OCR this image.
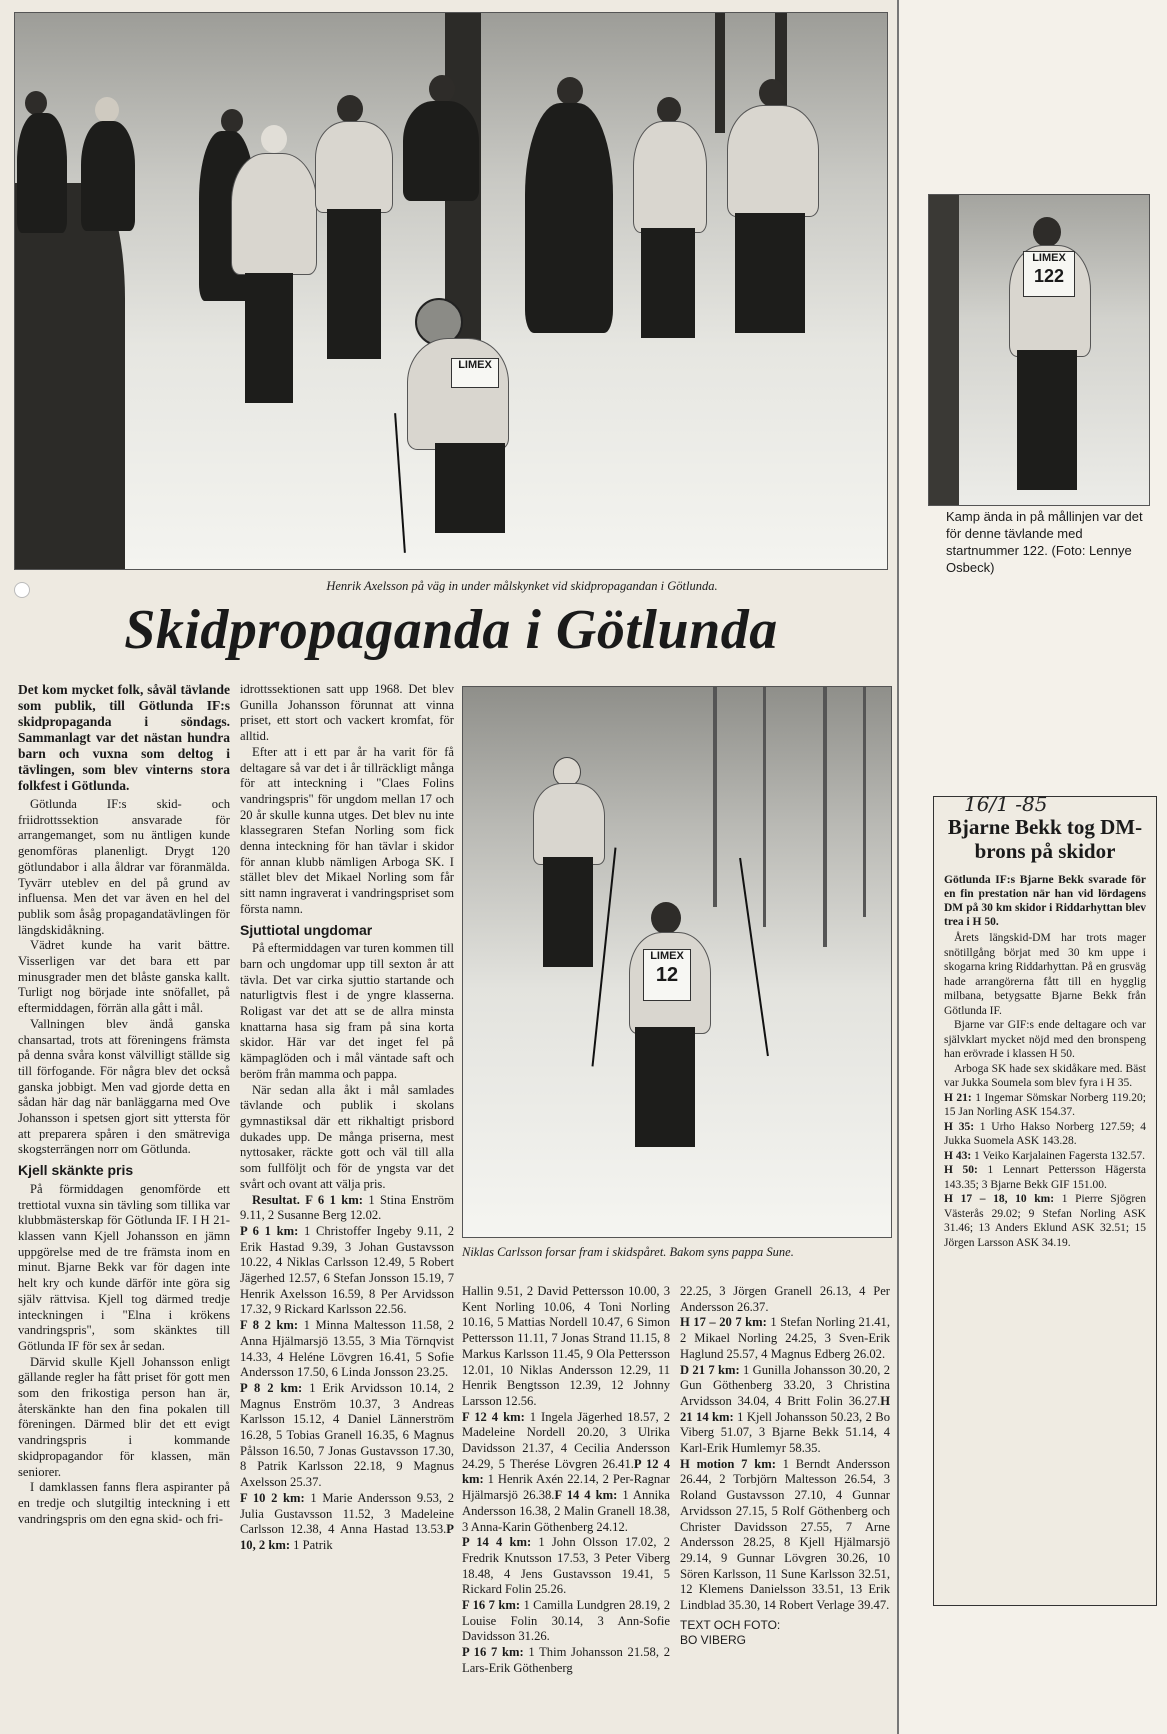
LIMEX
Henrik Axelsson på väg in under målskynket vid skidpropagandan i Götlunda.
Skidpropaganda i Götlunda
Det kom mycket folk, såväl tävlande som publik, till Götlunda IF:s skidpropaganda i söndags. Sammanlagt var det nästan hundra barn och vuxna som deltog i tävlingen, som blev vinterns stora folkfest i Götlunda.

Götlunda IF:s skid- och friidrottssektion ansvarade för arrangemanget, som nu äntligen kunde genomföras planenligt. Drygt 120 götlundabor i alla åldrar var föranmälda. Tyvärr uteblev en del på grund av influensa. Men det var även en hel del publik som åsåg propagandatävlingen för längdskidåkning.

Vädret kunde ha varit bättre. Visserligen var det bara ett par minusgrader men det blåste ganska kallt. Turligt nog började inte snöfallet, på eftermiddagen, förrän alla gått i mål.

Vallningen blev ändå ganska chansartad, trots att föreningens främsta på denna svåra konst välvilligt ställde sig till förfogande. För några blev det också ganska jobbigt. Men vad gjorde detta en sådan här dag när banläggarna med Ove Johansson i spetsen gjort sitt yttersta för att preparera spåren i den smätreviga skogsterrängen norr om Götlunda.

Kjell skänkte pris

På förmiddagen genomförde ett trettiotal vuxna sin tävling som tillika var klubbmästerskap för Götlunda IF. I H 21-klassen vann Kjell Johansson en jämn uppgörelse med de tre främsta inom en minut. Bjarne Bekk var för dagen inte helt kry och kunde därför inte göra sig själv rättvisa. Kjell tog därmed tredje inteckningen i "Elna i krökens vandringspris", som skänktes till Götlunda IF för sex år sedan.

Därvid skulle Kjell Johansson enligt gällande regler ha fått priset för gott men som den frikostiga person han är, återskänkte han den fina pokalen till föreningen. Därmed blir det ett evigt vandringspris i kommande skidpropagandor för klassen, män seniorer.

I damklassen fanns flera aspiranter på en tredje och slutgiltig inteckning i ett vandringspris om den egna skid- och fri-

idrottssektionen satt upp 1968. Det blev Gunilla Johansson förunnat att vinna priset, ett stort och vackert kromfat, för alltid.

Efter att i ett par år ha varit för få deltagare så var det i år tillräckligt många för att inteckning i "Claes Folins vandringspris" för ungdom mellan 17 och 20 år skulle kunna utges. Det blev nu inte klassegraren Stefan Norling som fick denna inteckning för han tävlar i skidor för annan klubb nämligen Arboga SK. I stället blev det Mikael Norling som får sitt namn ingraverat i vandringspriset som första namn.

Sjuttiotal ungdomar

På eftermiddagen var turen kommen till barn och ungdomar upp till sexton år att tävla. Det var cirka sjuttio startande och naturligtvis flest i de yngre klasserna. Roligast var det att se de allra minsta knattarna hasa sig fram på sina korta skidor. Här var det inget fel på kämpaglöden och i mål väntade saft och beröm från mamma och pappa.

När sedan alla åkt i mål samlades tävlande och publik i skolans gymnastiksal där ett rikhaltigt prisbord dukades upp. De många priserna, mest nyttosaker, räckte gott och väl till alla som fullföljt och för de yngsta var det svårt och ovant att välja pris.

Resultat. F 6 1 km: 1 Stina Enström 9.11, 2 Susanne Berg 12.02.

P 6 1 km: 1 Christoffer Ingeby 9.11, 2 Erik Hastad 9.39, 3 Johan Gustavsson 10.22, 4 Niklas Carlsson 12.49, 5 Robert Jägerhed 12.57, 6 Stefan Jonsson 15.19, 7 Henrik Axelsson 16.59, 8 Per Arvidsson 17.32, 9 Rickard Karlsson 22.56.

F 8 2 km: 1 Minna Maltesson 11.58, 2 Anna Hjälmarsjö 13.55, 3 Mia Törnqvist 14.33, 4 Heléne Lövgren 16.41, 5 Sofie Andersson 17.50, 6 Linda Jonsson 23.25.

P 8 2 km: 1 Erik Arvidsson 10.14, 2 Magnus Enström 10.37, 3 Andreas Karlsson 15.12, 4 Daniel Lännerström 16.28, 5 Tobias Granell 16.35, 6 Magnus Pålsson 16.50, 7 Jonas Gustavsson 17.30, 8 Patrik Karlsson 22.18, 9 Magnus Axelsson 25.37.

F 10 2 km: 1 Marie Andersson 9.53, 2 Julia Gustavsson 11.52, 3 Madeleine Carlsson 12.38, 4 Anna Hastad 13.53.P 10, 2 km: 1 Patrik

LIMEX
12
Niklas Carlsson forsar fram i skidspåret. Bakom syns pappa Sune.

Hallin 9.51, 2 David Pettersson 10.00, 3 Kent Norling 10.06, 4 Toni Norling 10.16, 5 Mattias Nordell 10.47, 6 Simon Pettersson 11.11, 7 Jonas Strand 11.15, 8 Markus Karlsson 11.45, 9 Ola Pettersson 12.01, 10 Niklas Andersson 12.29, 11 Henrik Bengtsson 12.39, 12 Johnny Larsson 12.56.

F 12 4 km: 1 Ingela Jägerhed 18.57, 2 Madeleine Nordell 20.20, 3 Ulrika Davidsson 21.37, 4 Cecilia Andersson 24.29, 5 Therése Lövgren 26.41.P 12 4 km: 1 Henrik Axén 22.14, 2 Per-Ragnar Hjälmarsjö 26.38.F 14 4 km: 1 Annika Andersson 16.38, 2 Malin Granell 18.38, 3 Anna-Karin Göthenberg 24.12.

P 14 4 km: 1 John Olsson 17.02, 2 Fredrik Knutsson 17.53, 3 Peter Viberg 18.48, 4 Jens Gustavsson 19.41, 5 Rickard Folin 25.26.

F 16 7 km: 1 Camilla Lundgren 28.19, 2 Louise Folin 30.14, 3 Ann-Sofie Davidsson 31.26.

P 16 7 km: 1 Thim Johansson 21.58, 2 Lars-Erik Göthenberg

22.25, 3 Jörgen Granell 26.13, 4 Per Andersson 26.37.

H 17 – 20 7 km: 1 Stefan Norling 21.41, 2 Mikael Norling 24.25, 3 Sven-Erik Haglund 25.57, 4 Magnus Edberg 26.02.

D 21 7 km: 1 Gunilla Johansson 30.20, 2 Gun Göthenberg 33.20, 3 Christina Arvidsson 34.04, 4 Britt Folin 36.27.H 21 14 km: 1 Kjell Johansson 50.23, 2 Bo Viberg 51.07, 3 Bjarne Bekk 51.14, 4 Karl-Erik Humlemyr 58.35.

H motion 7 km: 1 Berndt Andersson 26.44, 2 Torbjörn Maltesson 26.54, 3 Roland Gustavsson 27.10, 4 Gunnar Arvidsson 27.15, 5 Rolf Göthenberg och Christer Davidsson 27.55, 7 Arne Andersson 28.25, 8 Kjell Hjälmarsjö 29.14, 9 Gunnar Lövgren 30.26, 10 Sören Karlsson, 11 Sune Karlsson 32.51, 12 Klemens Danielsson 33.51, 13 Erik Lindblad 35.30, 14 Robert Verlage 39.47.

TEXT OCH FOTO:
BO VIBERG
LIMEX
122
Kamp ända in på mållinjen var det för denne tävlande med startnummer 122. (Foto: Lennye Osbeck)
16/1 -85
Bjarne Bekk tog DM-brons på skidor
Götlunda IF:s Bjarne Bekk svarade för en fin prestation när han vid lördagens DM på 30 km skidor i Riddarhyttan blev trea i H 50.

Årets längskid-DM har trots mager snötillgång börjat med 30 km uppe i skogarna kring Riddarhyttan. På en grusväg hade arrangörerna fått till en hygglig milbana, betygsatte Bjarne Bekk från Götlunda IF.

Bjarne var GIF:s ende deltagare och var självklart mycket nöjd med den bronspeng han erövrade i klassen H 50.

Arboga SK hade sex skidåkare med. Bäst var Jukka Soumela som blev fyra i H 35.

H 21: 1 Ingemar Sömskar Norberg 119.20; 15 Jan Norling ASK 154.37.

H 35: 1 Urho Hakso Norberg 127.59; 4 Jukka Suomela ASK 143.28.

H 43: 1 Veiko Karjalainen Fagersta 132.57.

H 50: 1 Lennart Pettersson Hägersta 143.35; 3 Bjarne Bekk GIF 151.00.

H 17 – 18, 10 km: 1 Pierre Sjögren Västerås 29.02; 9 Stefan Norling ASK 31.46; 13 Anders Eklund ASK 32.51; 15 Jörgen Larsson ASK 34.19.
